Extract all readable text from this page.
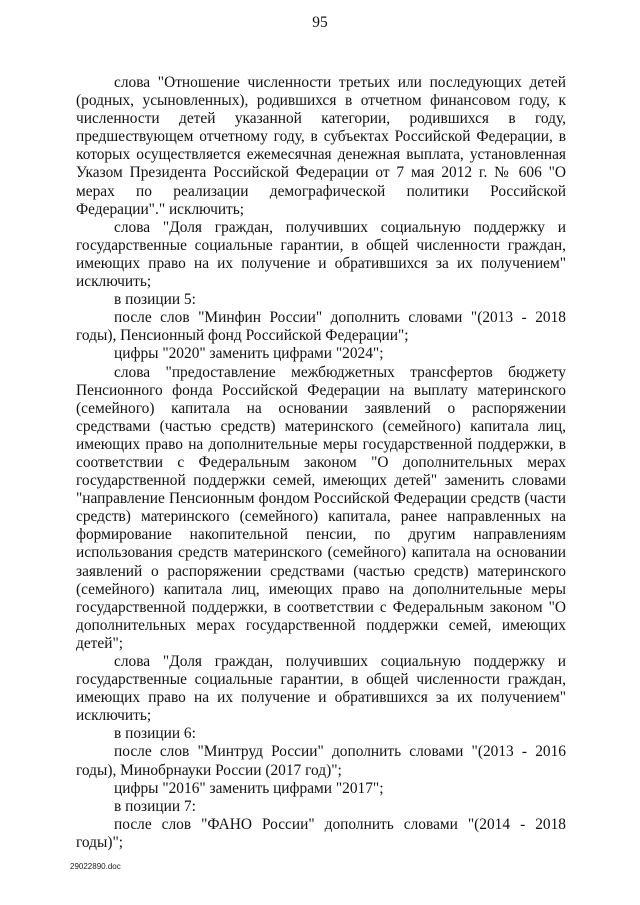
95

слова "Отношение численности третьих или последующих детей (родных, усыновленных), родившихся в отчетном финансовом году, к численности детей указанной категории, родившихся в году, предшествующем отчетному году, в субъектах Российской Федерации, в которых осуществляется ежемесячная денежная выплата, установленная Указом Президента Российской Федерации от 7 мая 2012 г. № 606 "О мерах по реализации демографической политики Российской Федерации"." исключить;

слова "Доля граждан, получивших социальную поддержку и государственные социальные гарантии, в общей численности граждан, имеющих право на их получение и обратившихся за их получением" исключить;

в позиции 5:

после слов "Минфин России" дополнить словами "(2013 - 2018 годы), Пенсионный фонд Российской Федерации";

цифры "2020" заменить цифрами "2024";

слова "предоставление межбюджетных трансфертов бюджету Пенсионного фонда Российской Федерации на выплату материнского (семейного) капитала на основании заявлений о распоряжении средствами (частью средств) материнского (семейного) капитала лиц, имеющих право на дополнительные меры государственной поддержки, в соответствии с Федеральным законом "О дополнительных мерах государственной поддержки семей, имеющих детей" заменить словами "направление Пенсионным фондом Российской Федерации средств (части средств) материнского (семейного) капитала, ранее направленных на формирование накопительной пенсии, по другим направлениям использования средств материнского (семейного) капитала на основании заявлений о распоряжении средствами (частью средств) материнского (семейного) капитала лиц, имеющих право на дополнительные меры государственной поддержки, в соответствии с Федеральным законом "О дополнительных мерах государственной поддержки семей, имеющих детей";

слова "Доля граждан, получивших социальную поддержку и государственные социальные гарантии, в общей численности граждан, имеющих право на их получение и обратившихся за их получением" исключить;

в позиции 6:

после слов "Минтруд России" дополнить словами "(2013 - 2016 годы), Минобрнауки России (2017 год)";

цифры "2016" заменить цифрами "2017";

в позиции 7:

после слов "ФАНО России" дополнить словами "(2014 - 2018 годы)";

29022890.doc
